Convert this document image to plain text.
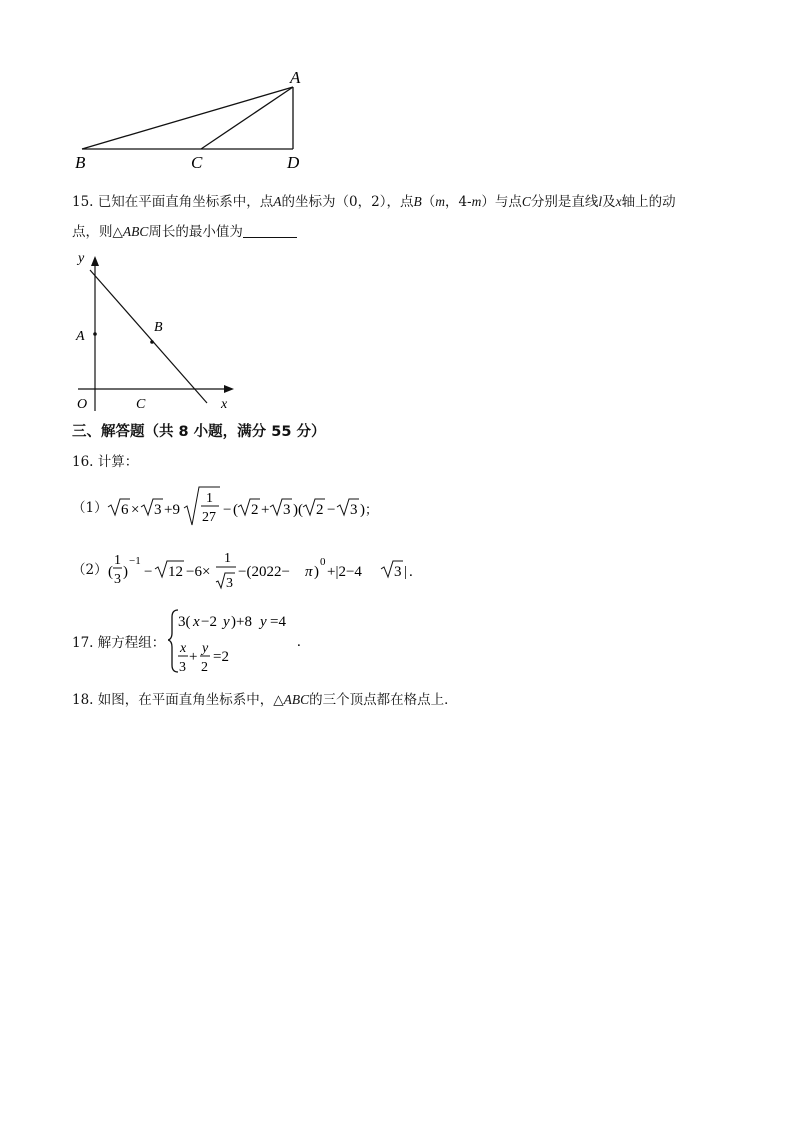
A
B	C	D
15. 已知在平面直角坐标系中，点A的坐标为（0，2），点B（m，4-m）与点C分别是直线l及x轴上的动
点，则△ABC周长的最小值为
y
x
O
A
B
C
三、解答题（共 8 小题，满分 55 分）
16. 计算：
（1） 6 × 3 +9
1
27 − ( 2 + 3 )( 2 − 3 ) ；
（2） (
1
3 )
−1
− 12 −6×
1
3
−(2022− π )
0
+|2−4 3 | .
17. 解方程组：
3( x −2 y )+8 y =4
x
3
+
y
2
=2
.
18. 如图，在平面直角坐标系中，△ABC的三个顶点都在格点上．
